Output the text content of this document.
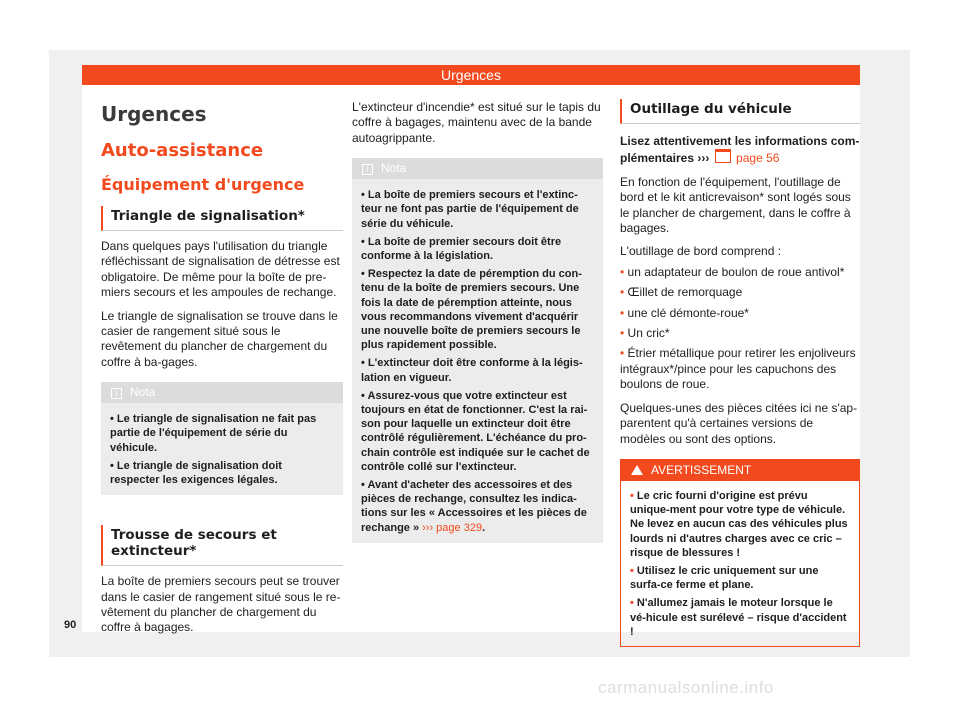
Urgences
Urgences
Auto-assistance
Équipement d'urgence
Triangle de signalisation*
Dans quelques pays l'utilisation du triangle réfléchissant de signalisation de détresse est obligatoire. De même pour la boîte de pre-miers secours et les ampoules de rechange.
Le triangle de signalisation se trouve dans le casier de rangement situé sous le revêtement du plancher de chargement du coffre à ba-gages.
i Nota
• Le triangle de signalisation ne fait pas partie de l'équipement de série du véhicule.
• Le triangle de signalisation doit respecter les exigences légales.
Trousse de secours et extincteur*
La boîte de premiers secours peut se trouver dans le casier de rangement situé sous le re-vêtement du plancher de chargement du coffre à bagages.
L'extincteur d'incendie* est situé sur le tapis du coffre à bagages, maintenu avec de la bande autoagrippante.
i Nota
• La boîte de premiers secours et l'extinc-teur ne font pas partie de l'équipement de série du véhicule.
• La boîte de premier secours doit être conforme à la législation.
• Respectez la date de péremption du con-tenu de la boîte de premiers secours. Une fois la date de péremption atteinte, nous vous recommandons vivement d'acquérir une nouvelle boîte de premiers secours le plus rapidement possible.
• L'extincteur doit être conforme à la légis-lation en vigueur.
• Assurez-vous que votre extincteur est toujours en état de fonctionner. C'est la rai-son pour laquelle un extincteur doit être contrôlé régulièrement. L'échéance du pro-chain contrôle est indiquée sur le cachet de contrôle collé sur l'extincteur.
• Avant d'acheter des accessoires et des pièces de rechange, consultez les indica-tions sur les « Accessoires et les pièces de rechange » ››› page 329.
Outillage du véhicule
Lisez attentivement les informations com-plémentaires ››› page 56
En fonction de l'équipement, l'outillage de bord et le kit anticrevaison* sont logés sous le plancher de chargement, dans le coffre à bagages.
L'outillage de bord comprend :
• un adaptateur de boulon de roue antivol*
• Œillet de remorquage
• une clé démonte-roue*
• Un cric*
• Étrier métallique pour retirer les enjoliveurs intégraux*/pince pour les capuchons des boulons de roue.
Quelques-unes des pièces citées ici ne s'ap-parentent qu'à certaines versions de modèles ou sont des options.
AVERTISSEMENT
• Le cric fourni d'origine est prévu unique-ment pour votre type de véhicule. Ne levez en aucun cas des véhicules plus lourds ni d'autres charges avec ce cric – risque de blessures !
• Utilisez le cric uniquement sur une surfa-ce ferme et plane.
• N'allumez jamais le moteur lorsque le vé-hicule est surélevé – risque d'accident !
90
carmanualsonline.info
